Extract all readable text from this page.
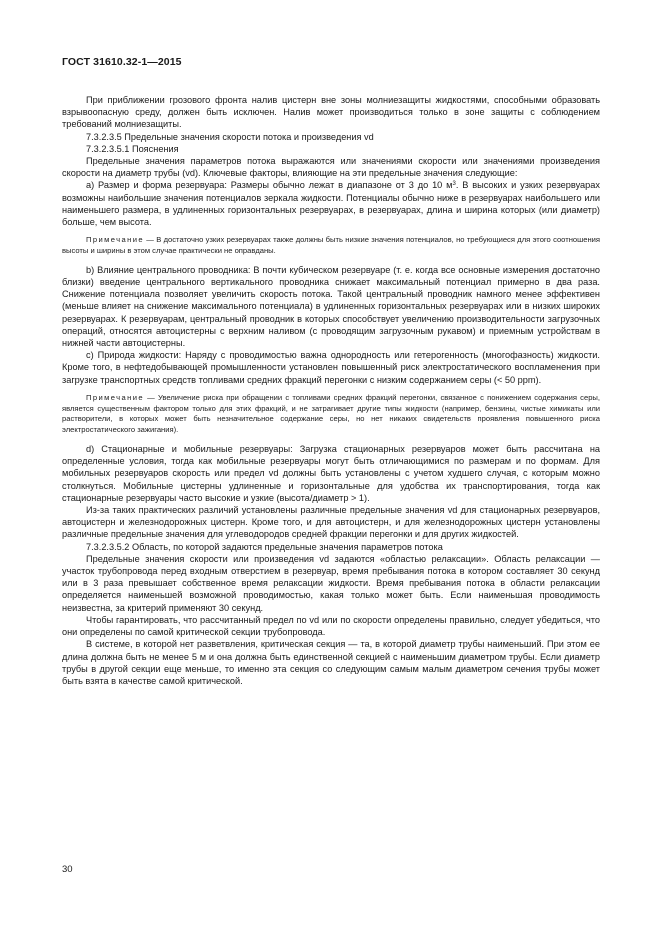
ГОСТ 31610.32-1—2015

При приближении грозового фронта налив цистерн вне зоны молниезащиты жидкостями, способными образовать взрывоопасную среду, должен быть исключен. Налив может производиться только в зоне защиты с соблюдением требований молниезащиты.

7.3.2.3.5 Предельные значения скорости потока и произведения vd

7.3.2.3.5.1 Пояснения

Предельные значения параметров потока выражаются или значениями скорости или значениями произведения скорости на диаметр трубы (vd). Ключевые факторы, влияющие на эти предельные значения следующие:

a) Размер и форма резервуара: Размеры обычно лежат в диапазоне от 3 до 10 $м^3$. В высоких и узких резервуарах возможны наибольшие значения потенциалов зеркала жидкости. Потенциалы обычно ниже в резервуарах наибольшего или наименьшего размера, в удлиненных горизонтальных резервуарах, в резервуарах, длина и ширина которых (или диаметр) больше, чем высота.

Примечание — В достаточно узких резервуарах также должны быть низкие значения потенциалов, но требующиеся для этого соотношения высоты и ширины в этом случае практически не оправданы.

b) Влияние центрального проводника: В почти кубическом резервуаре (т. е. когда все основные измерения достаточно близки) введение центрального вертикального проводника снижает максимальный потенциал примерно в два раза. Снижение потенциала позволяет увеличить скорость потока. Такой центральный проводник намного менее эффективен (меньше влияет на снижение максимального потенциала) в удлиненных горизонтальных резервуарах или в низких широких резервуарах. К резервуарам, центральный проводник в которых способствует увеличению производительности загрузочных операций, относятся автоцистерны с верхним наливом (с проводящим загрузочным рукавом) и приемным устройствам в нижней части автоцистерны.

c) Природа жидкости: Наряду с проводимостью важна однородность или гетерогенность (многофазность) жидкости. Кроме того, в нефтедобывающей промышленности установлен повышенный риск электростатического воспламенения при загрузке транспортных средств топливами средних фракций перегонки с низким содержанием серы (< 50 ppm).

Примечание — Увеличение риска при обращении с топливами средних фракций перегонки, связанное с понижением содержания серы, является существенным фактором только для этих фракций, и не затрагивает другие типы жидкости (например, бензины, чистые химикаты или растворители, в которых может быть незначительное содержание серы, но нет никаких свидетельств проявления повышенного риска электростатического зажигания).

d) Стационарные и мобильные резервуары: Загрузка стационарных резервуаров может быть рассчитана на определенные условия, тогда как мобильные резервуары могут быть отличающимися по размерам и по формам. Для мобильных резервуаров скорость или предел vd должны быть установлены с учетом худшего случая, с которым можно столкнуться. Мобильные цистерны удлиненные и горизонтальные для удобства их транспортирования, тогда как стационарные резервуары часто высокие и узкие (высота/диаметр > 1).

Из-за таких практических различий установлены различные предельные значения vd для стационарных резервуаров, автоцистерн и железнодорожных цистерн. Кроме того, и для автоцистерн, и для железнодорожных цистерн установлены различные предельные значения для углеводородов средней фракции перегонки и для других жидкостей.

7.3.2.3.5.2 Область, по которой задаются предельные значения параметров потока

Предельные значения скорости или произведения vd задаются «областью релаксации». Область релаксации — участок трубопровода перед входным отверстием в резервуар, время пребывания потока в котором составляет 30 секунд или в 3 раза превышает собственное время релаксации жидкости. Время пребывания потока в области релаксации определяется наименьшей возможной проводимостью, какая только может быть. Если наименьшая проводимость неизвестна, за критерий применяют 30 секунд.

Чтобы гарантировать, что рассчитанный предел по vd или по скорости определены правильно, следует убедиться, что они определены по самой критической секции трубопровода.

В системе, в которой нет разветвления, критическая секция — та, в которой диаметр трубы наименьший. При этом ее длина должна быть не менее 5 м и она должна быть единственной секцией с наименьшим диаметром трубы. Если диаметр трубы в другой секции еще меньше, то именно эта секция со следующим самым малым диаметром сечения трубы может быть взята в качестве самой критической.

30
